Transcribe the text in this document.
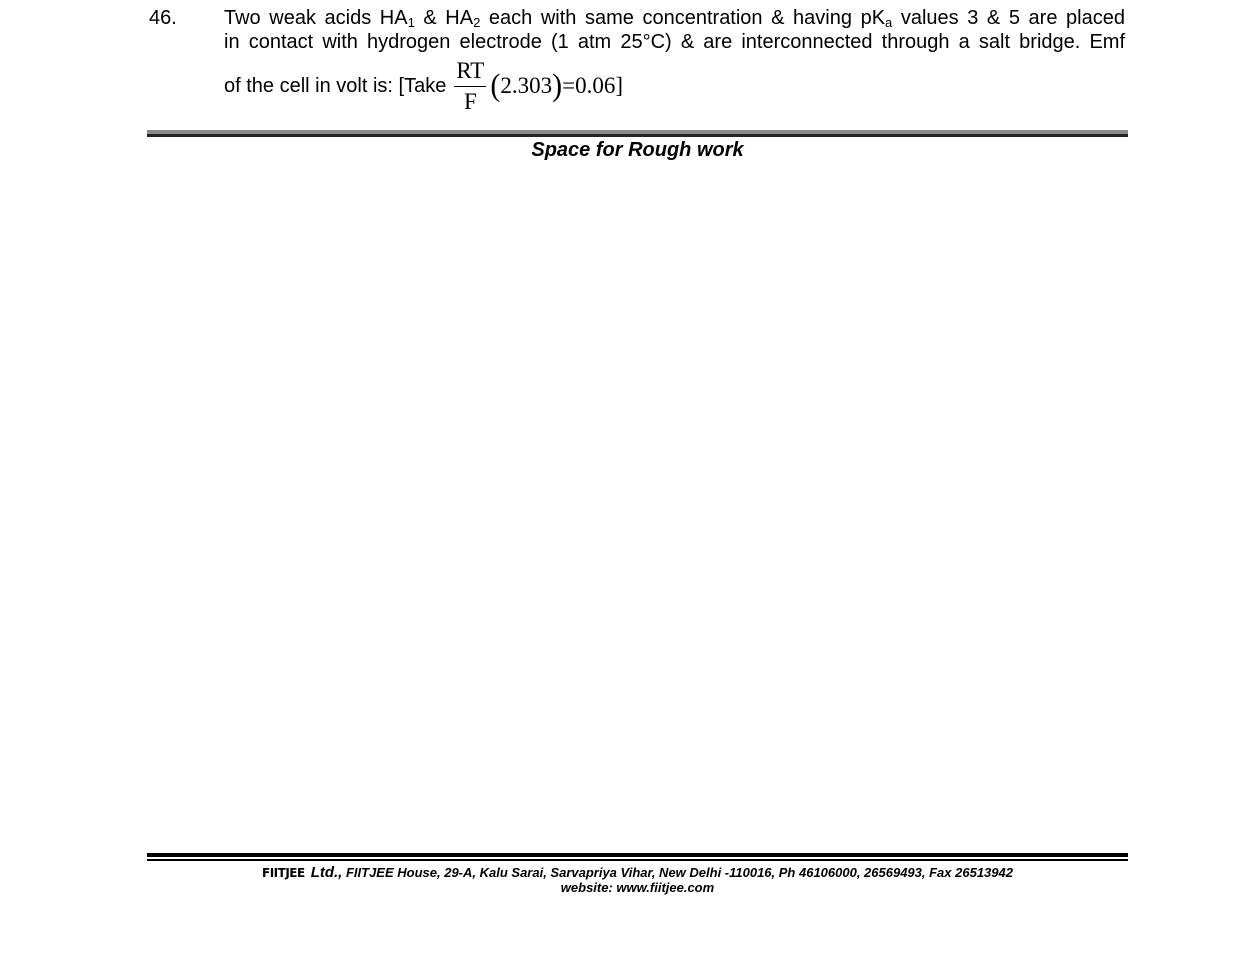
46. Two weak acids $HA_1$ & $HA_2$ each with same concentration & having $pK_a$ values 3 & 5 are placed
in contact with hydrogen electrode (1 atm 25°C) & are interconnected through a salt bridge. Emf
of the cell in volt is: [Take $\frac{RT}{F}$ ( 2.303 ) =0.06 ]
Space for Rough work
FIITJEE Ltd., FIITJEE House, 29-A, Kalu Sarai, Sarvapriya Vihar, New Delhi -110016, Ph 46106000, 26569493, Fax 26513942
website: www.fiitjee.com
